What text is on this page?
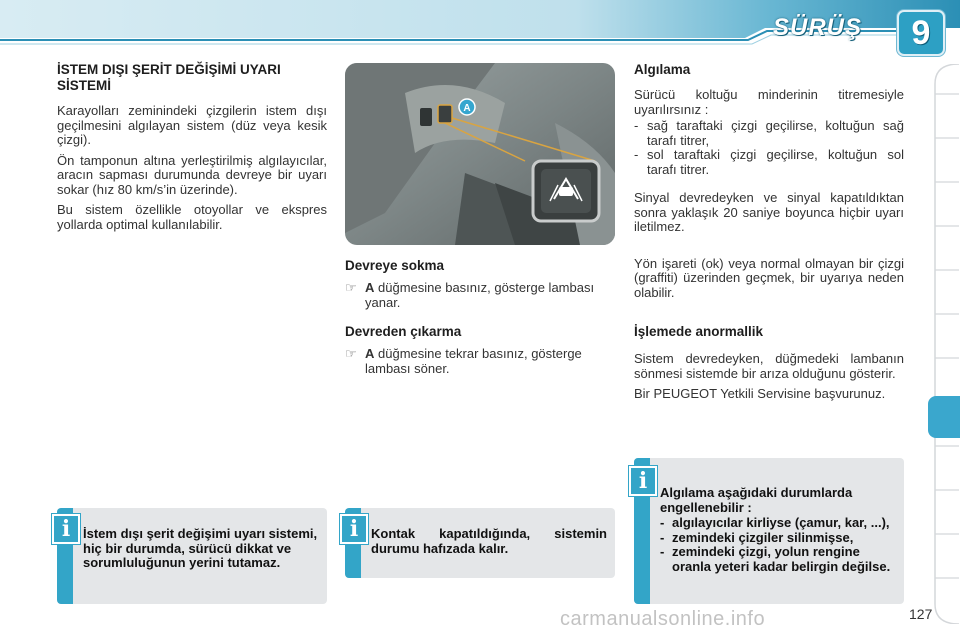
SÜRÜŞ	9
İSTEM DIŞI ŞERİT DEĞİŞİMİ UYARI SİSTEMİ

Karayolları zeminindeki çizgilerin istem dışı geçilmesini algılayan sistem (düz veya kesik çizgi).

Ön tamponun altına yerleştirilmiş algılayıcılar, aracın sapması durumunda devreye bir uyarı sokar (hız 80 km/s’in üzerinde).

Bu sistem özellikle otoyollar ve ekspres yollarda optimal kullanılabilir.

A
Devreye sokma
☞ A düğmesine basınız, gösterge lambası yanar.
Devreden çıkarma
☞ A düğmesine tekrar basınız, gösterge lambası söner.
Algılama

Sürücü koltuğu minderinin titremesiyle uyarılırsınız :

- sağ taraftaki çizgi geçilirse, koltuğun sağ tarafı titrer,
- sol taraftaki çizgi geçilirse, koltuğun sol tarafı titrer.

Sinyal devredeyken ve sinyal kapatıldıktan sonra yaklaşık 20 saniye boyunca hiçbir uyarı iletilmez.

Yön işareti (ok) veya normal olmayan bir çizgi (graffiti) üzerinden geçmek, bir uyarıya neden olabilir.

İşlemede anormallik

Sistem devredeyken, düğmedeki lambanın sönmesi sistemde bir arıza olduğunu gösterir.

Bir PEUGEOT Yetkili Servisine başvurunuz.

İstem dışı şerit değişimi uyarı sistemi, hiç bir durumda, sürücü dikkat ve sorumluluğunun yerini tutamaz.
i	Kontak kapatıldığında, sistemin durumu hafızada kalır.
i
Algılama aşağıdaki durumlarda engellenebilir :
- algılayıcılar kirliyse (çamur, kar, ...),
- zemindeki çizgiler silinmişse,
- zemindeki çizgi, yolun rengine oranla yeteri kadar belirgin değilse.
i
carmanualsonline.info	127
